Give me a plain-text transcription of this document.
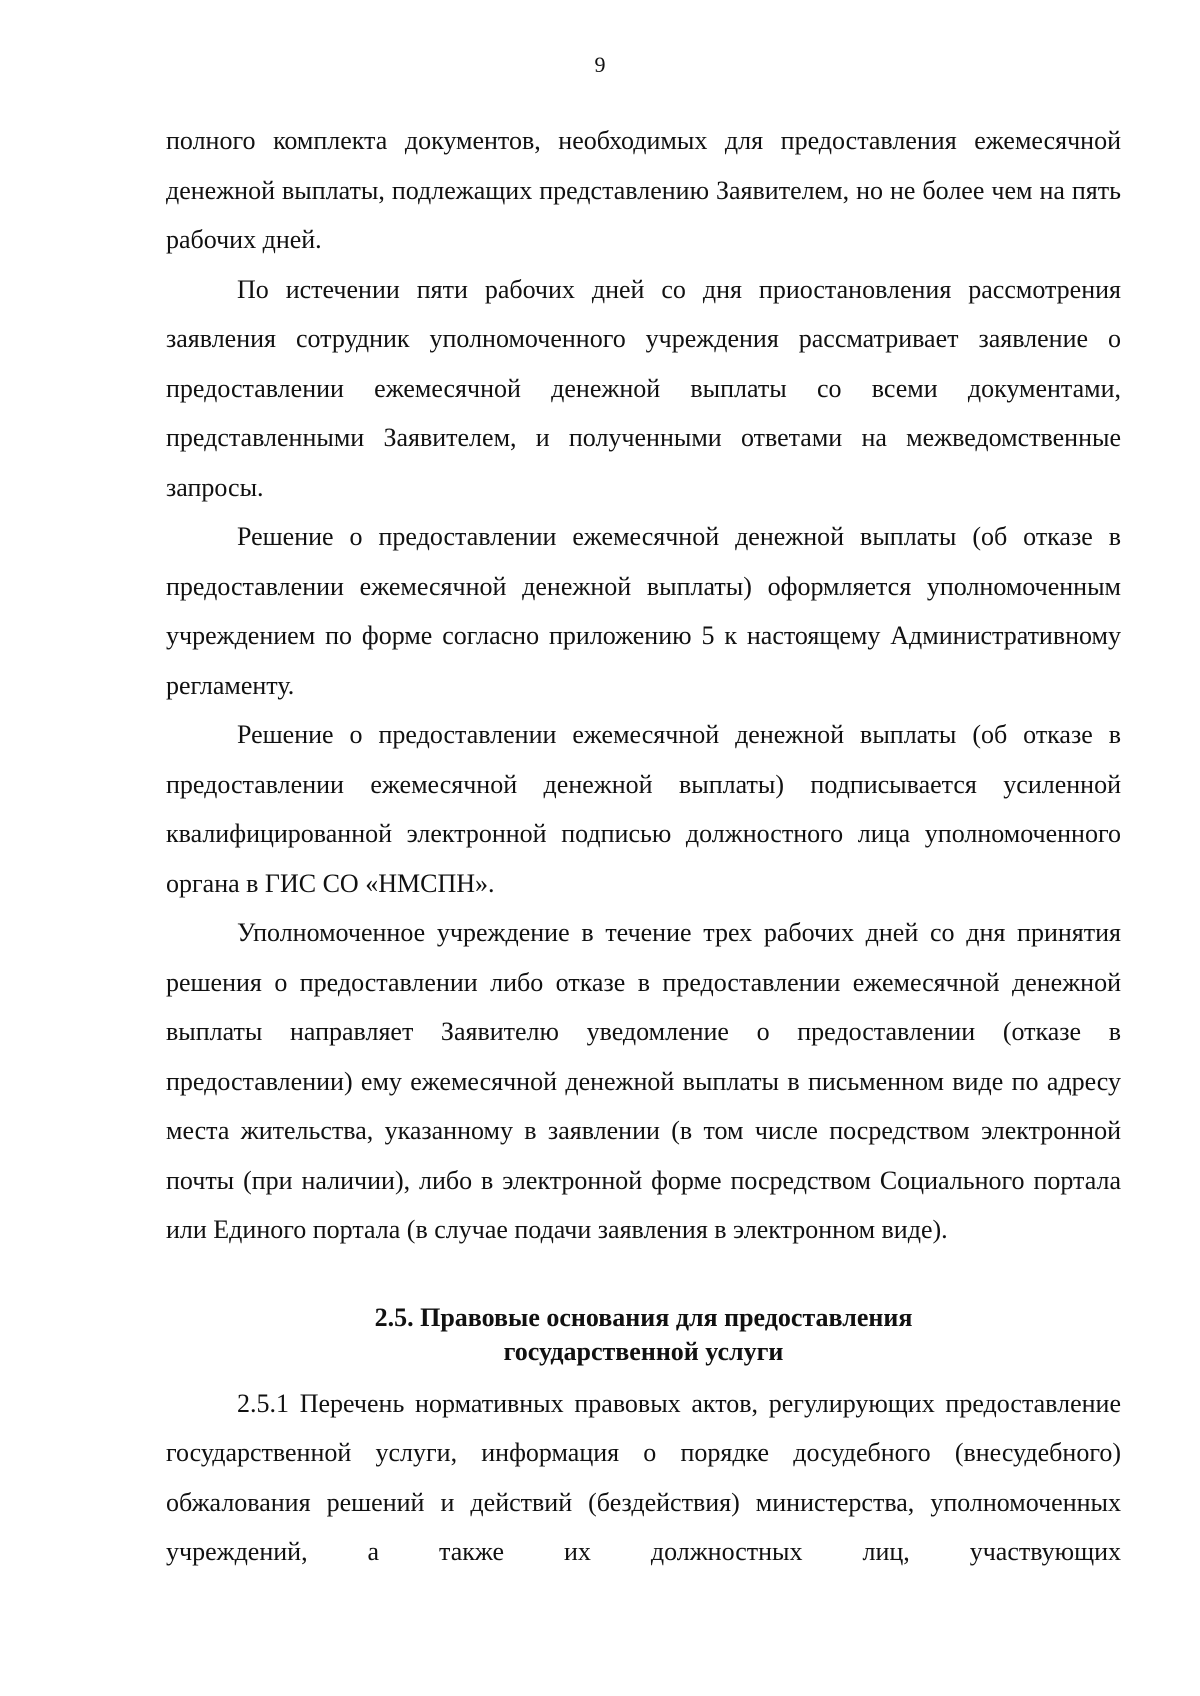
9

полного комплекта документов, необходимых для предоставления ежемесячной денежной выплаты, подлежащих представлению Заявителем, но не более чем на пять рабочих дней.

По истечении пяти рабочих дней со дня приостановления рассмотрения заявления сотрудник уполномоченного учреждения рассматривает заявление о предоставлении ежемесячной денежной выплаты со всеми документами, представленными Заявителем, и полученными ответами на межведомственные запросы.

Решение о предоставлении ежемесячной денежной выплаты (об отказе в предоставлении ежемесячной денежной выплаты) оформляется уполномоченным учреждением по форме согласно приложению 5 к настоящему Административному регламенту.

Решение о предоставлении ежемесячной денежной выплаты (об отказе в предоставлении ежемесячной денежной выплаты) подписывается усиленной квалифицированной электронной подписью должностного лица уполномоченного органа в ГИС СО «НМСПН».

Уполномоченное учреждение в течение трех рабочих дней со дня принятия решения о предоставлении либо отказе в предоставлении ежемесячной денежной выплаты направляет Заявителю уведомление о предоставлении (отказе в предоставлении) ему ежемесячной денежной выплаты в письменном виде по адресу места жительства, указанному в заявлении (в том числе посредством электронной почты (при наличии), либо в электронной форме посредством Социального портала или Единого портала (в случае подачи заявления в электронном виде).

2.5. Правовые основания для предоставления
государственной услуги

2.5.1 Перечень нормативных правовых актов, регулирующих предоставление государственной услуги, информация о порядке досудебного (внесудебного) обжалования решений и действий (бездействия) министерства, уполномоченных учреждений, а также их должностных лиц, участвующих
